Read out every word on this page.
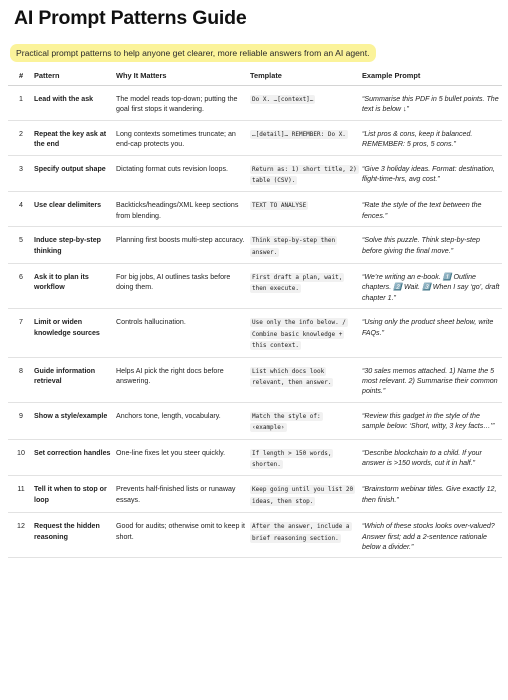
AI Prompt Patterns Guide
Practical prompt patterns to help anyone get clearer, more reliable answers from an AI agent.
#	Pattern	Why It Matters	Template	Example Prompt
1	Lead with the ask	The model reads top-down; putting the goal first stops it wandering.	Do X. …[context]…	“Summarise this PDF in 5 bullet points. The text is below ↓”
2	Repeat the key ask at the end	Long contexts sometimes truncate; an end-cap protects you.	…[detail]… REMEMBER: Do X.	“List pros & cons, keep it balanced. REMEMBER: 5 pros, 5 cons.”
3	Specify output shape	Dictating format cuts revision loops.	Return as: 1) short title, 2) table (CSV).	“Give 3 holiday ideas. Format: destination, flight-time-hrs, avg cost.”
4	Use clear delimiters	Backticks/headings/XML keep sections from blending.	TEXT TO ANALYSE	“Rate the style of the text between the fences.”
5	Induce step-by-step thinking	Planning first boosts multi-step accuracy.	Think step-by-step then answer.	“Solve this puzzle. Think step-by-step before giving the final move.”
6	Ask it to plan its workflow	For big jobs, AI outlines tasks before doing them.	First draft a plan, wait, then execute.	“We’re writing an e-book. 1️⃣ Outline chapters. 2️⃣ Wait. 3️⃣ When I say ‘go’, draft chapter 1.”
7	Limit or widen knowledge sources	Controls hallucination.	Use only the info below. / Combine basic knowledge + this context.	“Using only the product sheet below, write FAQs.”
8	Guide information retrieval	Helps AI pick the right docs before answering.	List which docs look relevant, then answer.	“30 sales memos attached. 1) Name the 5 most relevant. 2) Summarise their common points.”
9	Show a style/example	Anchors tone, length, vocabulary.	Match the style of: ‹example›	“Review this gadget in the style of the sample below: ‘Short, witty, 3 key facts…’”
10	Set correction handles	One-line fixes let you steer quickly.	If length > 150 words, shorten.	“Describe blockchain to a child. If your answer is >150 words, cut it in half.”
11	Tell it when to stop or loop	Prevents half-finished lists or runaway essays.	Keep going until you list 20 ideas, then stop.	“Brainstorm webinar titles. Give exactly 12, then finish.”
12	Request the hidden reasoning	Good for audits; otherwise omit to keep it short.	After the answer, include a brief reasoning section.	“Which of these stocks looks over-valued? Answer first; add a 2-sentence rationale below a divider.”
